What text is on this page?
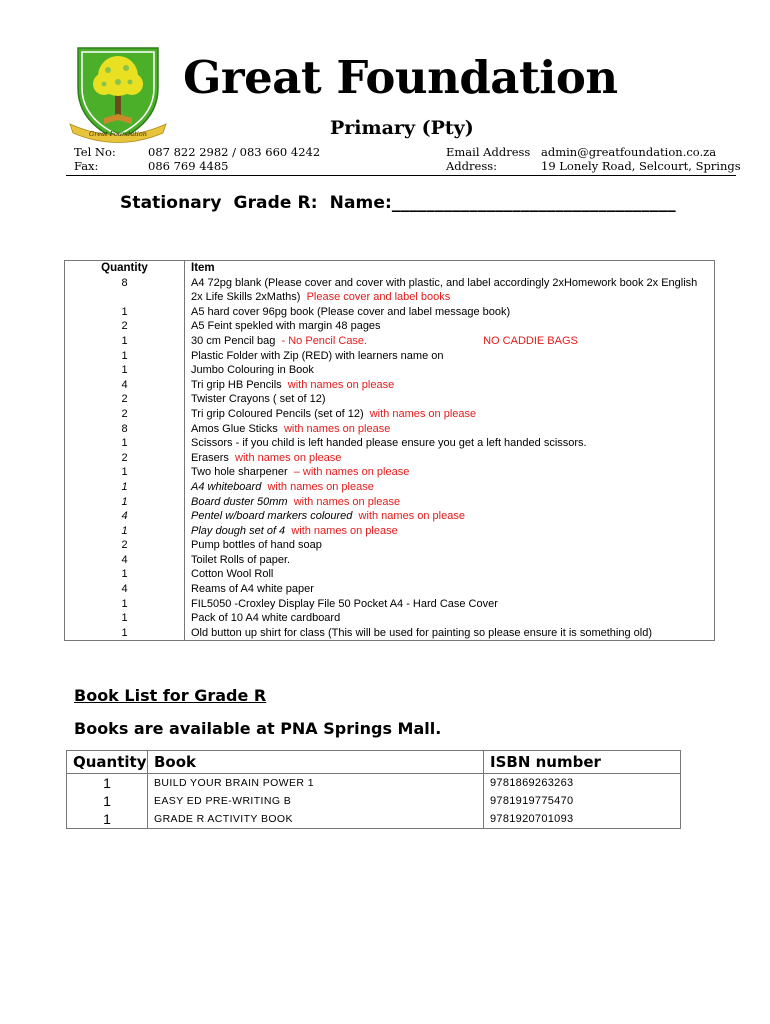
Great Foundation
Great Foundation
Primary (Pty)
Tel No:	087 822 2982 / 083 660 4242
Fax:	086 769 4485
Email Address admin@greatfoundation.co.za
Address:	19 Lonely Road, Selcourt, Springs
Stationary Grade R: Name:_________________________________
Quantity	Item
8	A4 72pg blank (Please cover and cover with plastic, and label accordingly 2xHomework book 2x English 2x Life Skills 2xMaths) Please cover and label books
1	A5 hard cover 96pg book (Please cover and label message book)
2	A5 Feint spekled with margin 48 pages
1	30 cm Pencil bag - No Pencil Case. NO CADDIE BAGS
1	Plastic Folder with Zip (RED) with learners name on
1	Jumbo Colouring in Book
4	Tri grip HB Pencils with names on please
2	Twister Crayons ( set of 12)
2	Tri grip Coloured Pencils (set of 12) with names on please
8	Amos Glue Sticks with names on please
1	Scissors - if you child is left handed please ensure you get a left handed scissors.
2	Erasers with names on please
1	Two hole sharpener – with names on please
1	A4 whiteboard with names on please
1	Board duster 50mm with names on please
4	Pentel w/board markers coloured with names on please
1	Play dough set of 4 with names on please
2	Pump bottles of hand soap
4	Toilet Rolls of paper.
1	Cotton Wool Roll
4	Reams of A4 white paper
1	FIL5050 -Croxley Display File 50 Pocket A4 - Hard Case Cover
1	Pack of 10 A4 white cardboard
1	Old button up shirt for class (This will be used for painting so please ensure it is something old)
Book List for Grade R
Books are available at PNA Springs Mall.
Quantity	Book	ISBN number
1	BUILD YOUR BRAIN POWER 1	9781869263263
1	EASY ED PRE-WRITING B	9781919775470
1	GRADE R ACTIVITY BOOK	9781920701093
